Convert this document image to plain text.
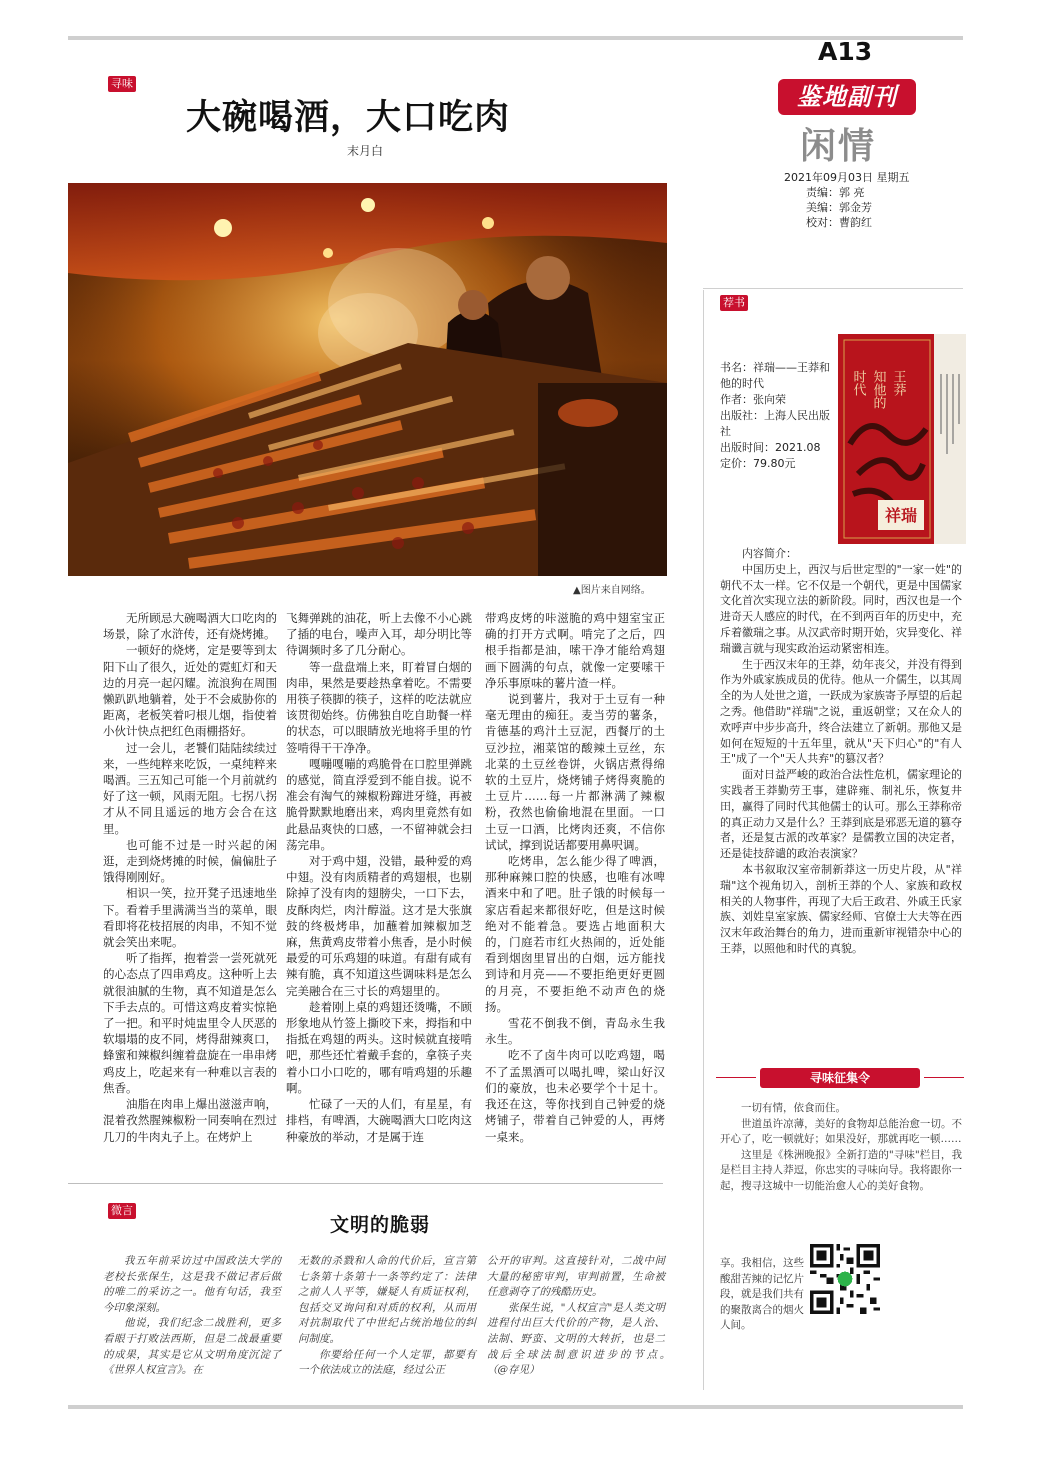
A13
鉴地副刊
闲情
2021年09月03日 星期五
责编：郭 亮
美编：郭金芳
校对：曹韵红
寻味
大碗喝酒，大口吃肉
末月白
▲图片来自网络。

无所顾忌大碗喝酒大口吃肉的场景，除了水浒传，还有烧烤摊。

一顿好的烧烤，定是要等到太阳下山了很久，近处的霓虹灯和天边的月亮一起闪耀。流浪狗在周围懒趴趴地躺着，处于不会威胁你的距离，老板笑着叼根儿烟，指使着小伙计快点把红色雨棚搭好。

过一会儿，老饕们陆陆续续过来，一些纯粹来吃饭，一桌纯粹来喝酒。三五知己可能一个月前就约好了这一顿，风雨无阻。七拐八拐才从不同且遥远的地方会合在这里。

也可能不过是一时兴起的闲逛，走到烧烤摊的时候，偏偏肚子饿得刚刚好。

相识一笑，拉开凳子迅速地坐下。看着手里满满当当的菜单，眼看即将花枝招展的肉串，不知不觉就会笑出来呢。

听了指挥，抱着尝一尝死就死的心态点了四串鸡皮。这种听上去就很油腻的生物，真不知道是怎么下手去点的。可惜这鸡皮着实惊艳了一把。和平时炖盅里令人厌恶的软塌塌的皮不同，烤得甜辣爽口，蜂蜜和辣椒纠缠着盘旋在一串串烤鸡皮上，吃起来有一种难以言表的焦香。

油脂在肉串上爆出滋滋声响，混着孜然腥辣椒粉一同奏响在烈过几刀的牛肉丸子上。在烤炉上

飞舞弹跳的油花，听上去像不小心跳了插的电台，噪声入耳，却分明比等待调频时多了几分耐心。

等一盘盘端上来，盯着冒白烟的肉串，果然是要趁热拿着吃。不需要用筷子筷脚的筷子，这样的吃法就应该贯彻始终。仿佛独自吃自助餐一样的状态，可以眼睛放光地将手里的竹签啃得干干净净。

嘎嘣嘎嘣的鸡脆骨在口腔里弹跳的感觉，简直浮爱到不能自拔。说不准会有淘气的辣椒粉蹿进牙缝，再被脆骨默默地磨出来，鸡肉里竟然有如此悬品爽快的口感，一不留神就会扫荡完串。

对于鸡中翅，没错，最种爱的鸡中翅。没有肉质精者的鸡翅根，也剔除掉了没有肉的翅膀尖，一口下去，皮酥肉烂，肉汁醇溢。这才是大张旗鼓的终极烤串，加蘸着加辣椒加芝麻，焦黄鸡皮带着小焦香，是小时候最爱的可乐鸡翅的味道。有甜有咸有辣有脆，真不知道这些调味料是怎么完美融合在三寸长的鸡翅里的。

趁着刚上桌的鸡翅还烫嘴，不顾形象地从竹签上撕咬下来，拇指和中指抵在鸡翅的两头。这时候就直接啃吧，那些还忙着戴手套的，拿筷子夹着小口小口吃的，哪有啃鸡翅的乐趣啊。

忙碌了一天的人们，有星星，有排档，有啤酒，大碗喝酒大口吃肉这种豪放的举动，才是属于连

带鸡皮烤的咔滋脆的鸡中翅室宝正确的打开方式啊。啃完了之后，四根手指都是油，嗦干净才能给鸡翅画下圆满的句点，就像一定要嗦干净乐事原味的薯片渣一样。

说到薯片，我对于土豆有一种毫无理由的痴狂。麦当劳的薯条，肯德基的鸡汁土豆泥，西餐厅的土豆沙拉，湘菜馆的酸辣土豆丝，东北菜的土豆丝卷饼，火锅店煮得绵软的土豆片，烧烤铺子烤得爽脆的土豆片……每一片都淋满了辣椒粉，孜然也偷偷地混在里面。一口土豆一口酒，比烤肉还爽，不信你试试，撑到说话都要用鼻呎调。

吃烤串，怎么能少得了啤酒，那种麻辣口腔的快感，也唯有冰啤酒来中和了吧。肚子饿的时候每一家店看起来都很好吃，但是这时候绝对不能着急。要选占地面积大的，门庭若市红火热闹的，近处能看到烟囱里冒出的白烟，远方能找到诗和月亮——不要拒绝更好更圆的月亮，不要拒绝不动声色的烧扬。

雪花不倒我不倒，青岛永生我永生。

吃不了卤牛肉可以吃鸡翅，喝不了孟黑酒可以喝扎啤，梁山好汉们的豪放，也未必要学个十足十。我还在这，等你找到自己钟爱的烧烤铺子，带着自己钟爱的人，再烤一桌来。

荐书
书名：祥瑞——王莽和他的时代
作者：张向荣
出版社：上海人民出版社
出版时间：2021.08
定价：79.80元
时代 知他的 王莽
祥瑞

内容简介：

中国历史上，西汉与后世定型的"一家一姓"的朝代不太一样。它不仅是一个朝代，更是中国儒家文化首次实现立法的新阶段。同时，西汉也是一个进奇天人感应的时代，在不到两百年的历史中，充斥着徽瑞之事。从汉武帝时期开始，灾异变化、祥瑞谶言就与现实政治运动紧密相连。

生于西汉末年的王莽，幼年丧父，并没有得到作为外戚家族成员的优待。他从一介儒生，以其周全的为人处世之道，一跃成为家族寄予厚望的后起之秀。他借助"祥瑞"之说，重返朝堂；又在众人的欢呼声中步步高升，终合法建立了新朝。那他又是如何在短短的十五年里，就从"天下归心"的"有人王"成了一个"天人共弃"的篡汉者？

面对日益严峻的政治合法性危机，儒家理论的实践者王莽勤劳王事，建辟雍、制礼乐，恢复井田，赢得了同时代其他儒士的认可。那么王莽称帝的真正动力又是什么？王莽到底是邪恶无道的篡夺者，还是复古派的改革家？是儒教立国的决定者，还是徒技辞谴的政治表演家？

本书叙取汉室帝制新莽这一历史片段，从"祥瑞"这个视角切入，剖析王莽的个人、家族和政权相关的人物事件，再现了大后王政君、外戚王氏家族、刘姓皇室家族、儒家经师、官僚士大夫等在西汉末年政治舞台的角力，进而重新审视错杂中心的王莽，以照他和时代的真貌。

寻味征集令

一切有情，依食而住。

世道虽许凉薄，美好的食物却总能治愈一切。不开心了，吃一顿就好；如果没好，那就再吃一顿……

这里是《株洲晚报》全新打造的"寻味"栏目，我是栏目主持人莽逗，你忠实的寻味向导。我将跟你一起，搜寻这城中一切能治愈人心的美好食物。

享。我相信，这些酸甜苦辣的记忆片段，就是我们共有的聚散离合的烟火人间。
微言
文明的脆弱

我五年前采访过中国政法大学的老校长张保生，这是我不做记者后做的唯二的采访之一。他有句话，我至今印象深刻。

他说，我们纪念二战胜利，更多看眼于打败法西斯，但是二战最重要的成果，其实是它从文明角度沉淀了《世界人权宣言》。在

无数的杀戮和人命的代价后，宣言第七条第十条第十一条等约定了：法律之前人人平等，嫌疑人有质证权利，包括交叉询问和对质的权利，从而用对抗制取代了中世纪占统治地位的纠问制度。

你要给任何一个人定罪，都要有一个依法成立的法庭，经过公正

公开的审判。这直接针对，二战中间大量的秘密审判，审判前置，生命被任意剥夺了的残酷历史。

张保生说，"人权宣言"是人类文明进程付出巨大代价的产物，是人治、法制、野蛮、文明的大转折，也是二战后全球法制意识进步的节点。　　（@存见）
